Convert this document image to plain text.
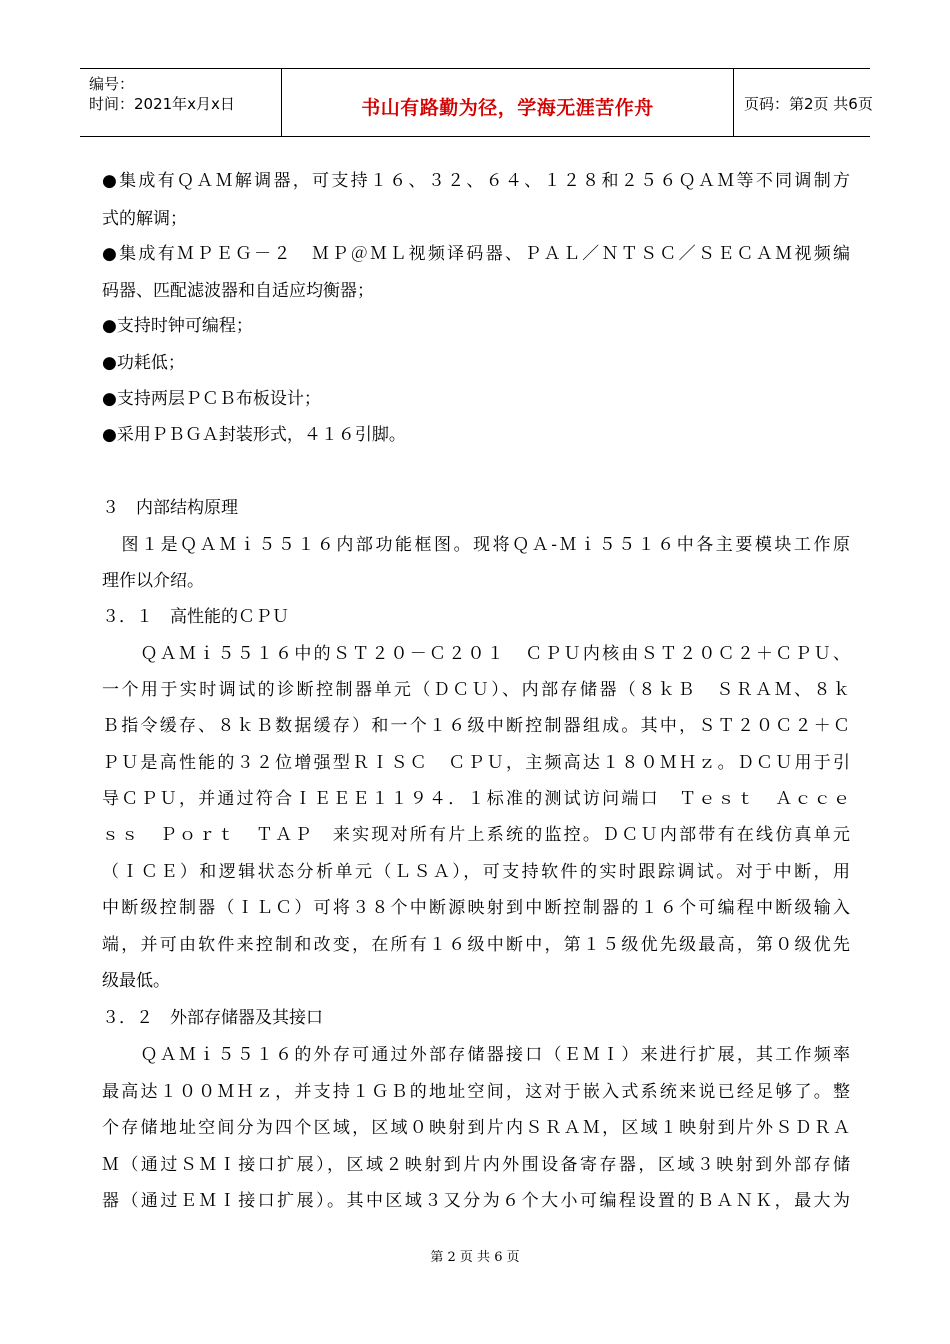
编号：
时间：2021年x月x日	书山有路勤为径，学海无涯苦作舟	页码：第2页 共6页
●集成有ＱＡＭ解调器，可支持１６、３２、６４、１２８和２５６ＱＡＭ等不同调制方
式的解调；
●集成有ＭＰＥＧ－２　ＭＰ＠ＭＬ视频译码器、ＰＡＬ／ＮＴＳＣ／ＳＥＣＡＭ视频编
码器、匹配滤波器和自适应均衡器；
●支持时钟可编程；
●功耗低；
●支持两层ＰＣＢ布板设计；
●采用ＰＢＧＡ封装形式，４１６引脚。
３　内部结构原理
　图１是ＱＡＭｉ５５１６内部功能框图。现将ＱＡ-Ｍｉ５５１６中各主要模块工作原
理作以介绍。
３．１　高性能的ＣＰＵ
　　ＱＡＭｉ５５１６中的ＳＴ２０－Ｃ２０１　ＣＰＵ内核由ＳＴ２０Ｃ２＋ＣＰＵ、
一个用于实时调试的诊断控制器单元（ＤＣＵ）、内部存储器（８ｋＢ　ＳＲＡＭ、８ｋ
Ｂ指令缓存、８ｋＢ数据缓存）和一个１６级中断控制器组成。其中，ＳＴ２０Ｃ２＋Ｃ
ＰＵ是高性能的３２位增强型ＲＩＳＣ　ＣＰＵ，主频高达１８０ＭＨｚ。ＤＣＵ用于引
导ＣＰＵ，并通过符合ＩＥＥＥ１１９４．１标准的测试访问端口　Ｔｅｓｔ　Ａｃｃｅ
ｓｓ　Ｐｏｒｔ　ＴＡＰ　来实现对所有片上系统的监控。ＤＣＵ内部带有在线仿真单元
（ＩＣＥ）和逻辑状态分析单元（ＬＳＡ），可支持软件的实时跟踪调试。对于中断，用
中断级控制器（ＩＬＣ）可将３８个中断源映射到中断控制器的１６个可编程中断级输入
端，并可由软件来控制和改变，在所有１６级中断中，第１５级优先级最高，第０级优先
级最低。
３．２　外部存储器及其接口
　　ＱＡＭｉ５５１６的外存可通过外部存储器接口（ＥＭＩ）来进行扩展，其工作频率
最高达１００ＭＨｚ，并支持１ＧＢ的地址空间，这对于嵌入式系统来说已经足够了。整
个存储地址空间分为四个区域，区域０映射到片内ＳＲＡＭ，区域１映射到片外ＳＤＲＡ
Ｍ（通过ＳＭＩ接口扩展），区域２映射到片内外围设备寄存器，区域３映射到外部存储
器（通过ＥＭＩ接口扩展）。其中区域３又分为６个大小可编程设置的ＢＡＮＫ，最大为
第 2 页 共 6 页
